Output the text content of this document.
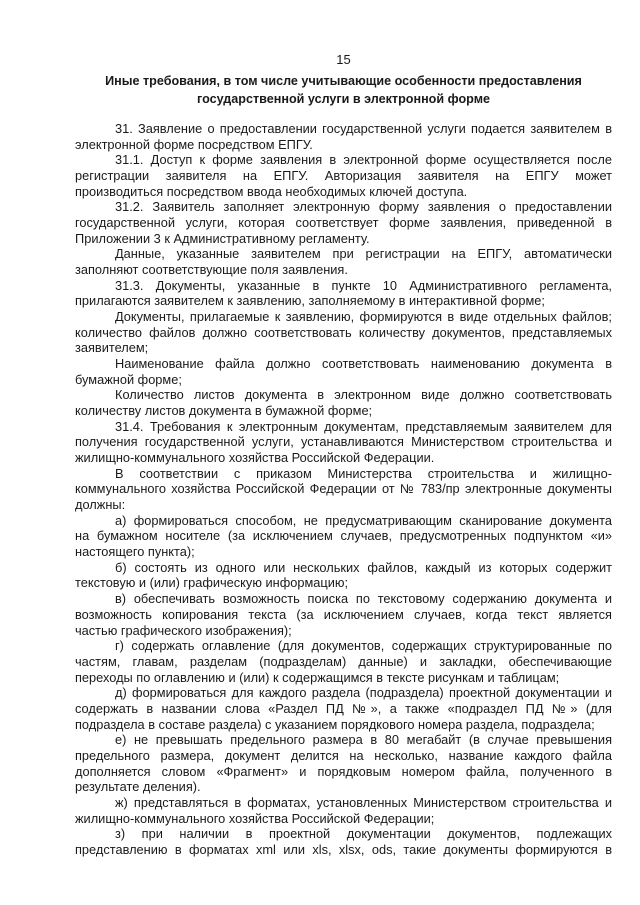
15
Иные требования, в том числе учитывающие особенности предоставления
государственной услуги в электронной форме
31. Заявление о предоставлении государственной услуги подается заявителем в
электронной форме посредством ЕПГУ.
31.1. Доступ к форме заявления в электронной форме осуществляется после
регистрации заявителя на ЕПГУ. Авторизация заявителя на ЕПГУ может
производиться посредством ввода необходимых ключей доступа.
31.2. Заявитель заполняет электронную форму заявления о предоставлении
государственной услуги, которая соответствует форме заявления, приведенной в
Приложении 3 к Административному регламенту.
Данные, указанные заявителем при регистрации на ЕПГУ, автоматически
заполняют соответствующие поля заявления.
31.3. Документы, указанные в пункте 10 Административного регламента,
прилагаются заявителем к заявлению, заполняемому в интерактивной форме;
Документы, прилагаемые к заявлению, формируются в виде отдельных файлов;
количество файлов должно соответствовать количеству документов, представляемых
заявителем;
Наименование файла должно соответствовать наименованию документа в
бумажной форме;
Количество листов документа в электронном виде должно соответствовать
количеству листов документа в бумажной форме;
31.4. Требования к электронным документам, представляемым заявителем для
получения государственной услуги, устанавливаются Министерством строительства и
жилищно-коммунального хозяйства Российской Федерации.
В соответствии с приказом Министерства строительства и жилищно-
коммунального хозяйства Российской Федерации от № 783/пр электронные документы
должны:
а) формироваться способом, не предусматривающим сканирование документа
на бумажном носителе (за исключением случаев, предусмотренных подпунктом «и»
настоящего пункта);
б) состоять из одного или нескольких файлов, каждый из которых содержит
текстовую и (или) графическую информацию;
в) обеспечивать возможность поиска по текстовому содержанию документа и
возможность копирования текста (за исключением случаев, когда текст является
частью графического изображения);
г) содержать оглавление (для документов, содержащих структурированные по
частям, главам, разделам (подразделам) данные) и закладки, обеспечивающие
переходы по оглавлению и (или) к содержащимся в тексте рисункам и таблицам;
д) формироваться для каждого раздела (подраздела) проектной документации и
содержать в названии слова «Раздел ПД №», а также «подраздел ПД №» (для
подраздела в составе раздела) с указанием порядкового номера раздела, подраздела;
е) не превышать предельного размера в 80 мегабайт (в случае превышения
предельного размера, документ делится на несколько, название каждого файла
дополняется словом «Фрагмент» и порядковым номером файла, полученного в
результате деления).
ж) представляться в форматах, установленных Министерством строительства и
жилищно-коммунального хозяйства Российской Федерации;
з) при наличии в проектной документации документов, подлежащих
представлению в форматах xml или xls, xlsx, ods, такие документы формируются в
